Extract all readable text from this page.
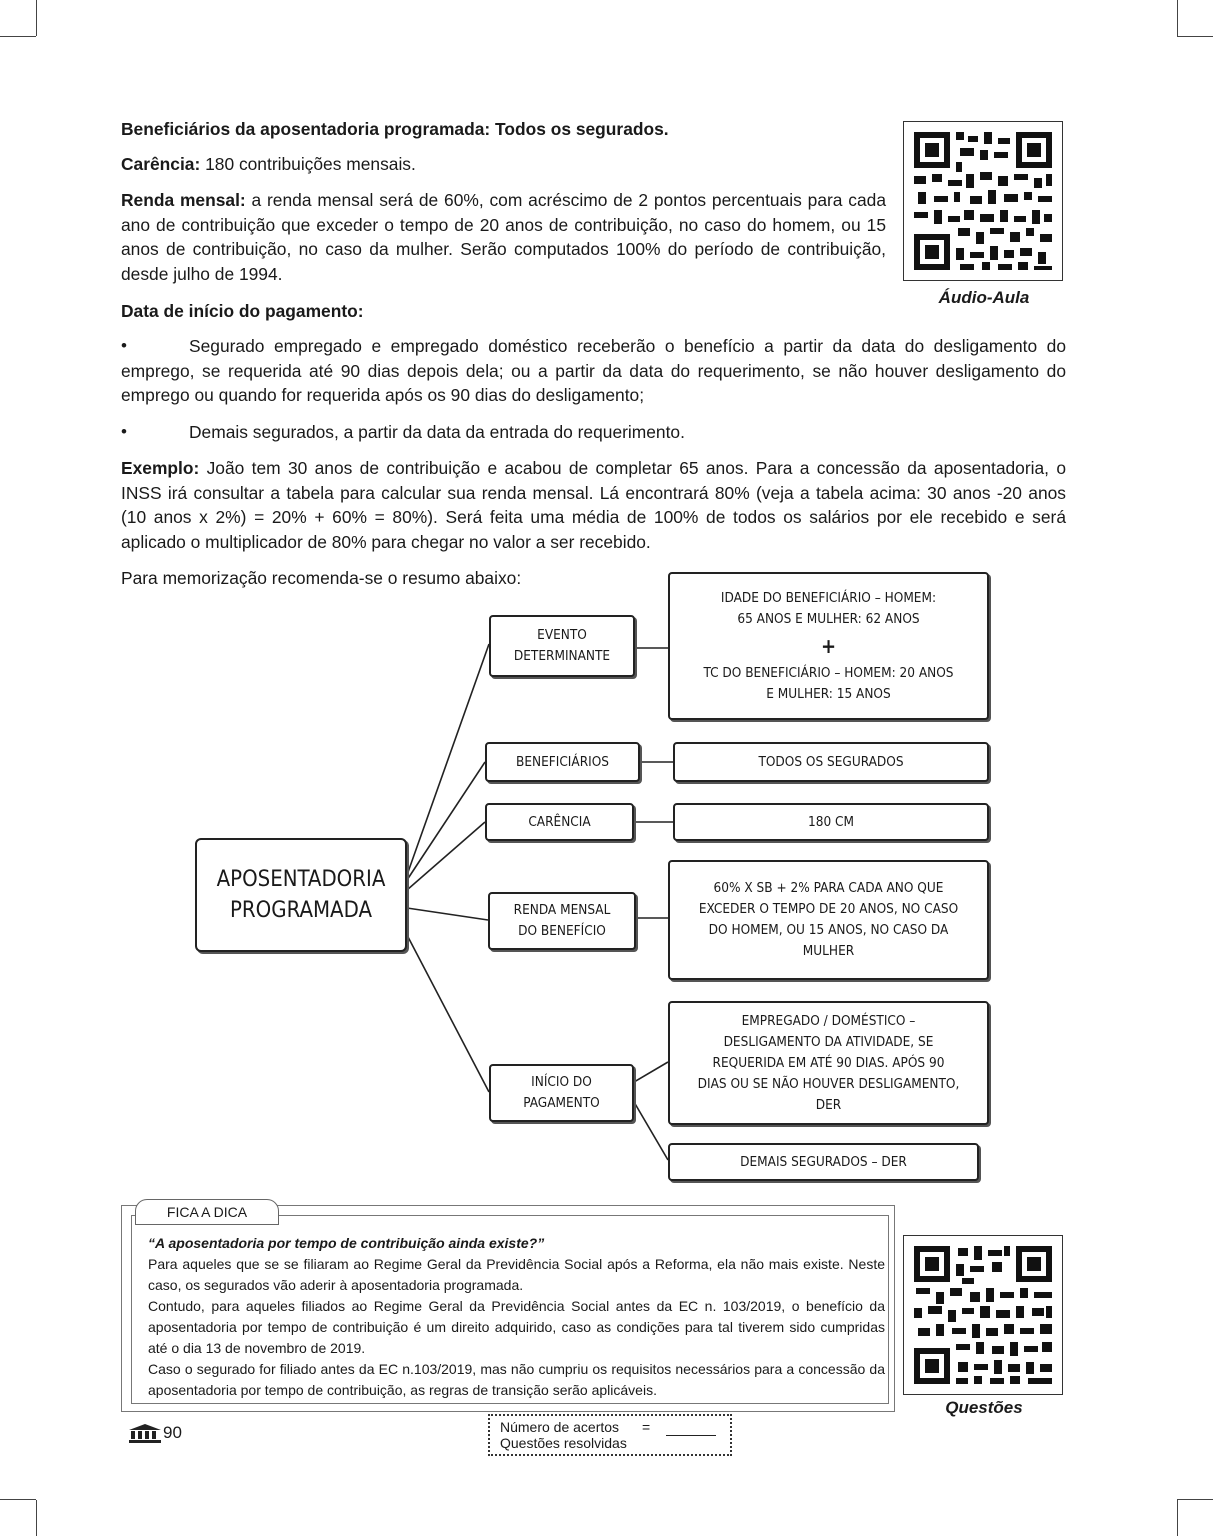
Beneficiários da aposentadoria programada: Todos os segurados.

Carência: 180 contribuições mensais.

Renda mensal: a renda mensal será de 60%, com acréscimo de 2 pontos percentuais para cada ano de contribuição que exceder o tempo de 20 anos de contribuição, no caso do homem, ou 15 anos de contribuição, no caso da mulher. Serão computados 100% do período de contribuição, desde julho de 1994.

Data de início do pagamento:

Áudio-Aula
•	Segurado empregado e empregado doméstico receberão o benefício a partir da data do desligamento do emprego, se requerida até 90 dias depois dela; ou a partir da data do requerimento, se não houver desligamento do emprego ou quando for requerida após os 90 dias do desligamento;

•	Demais segurados, a partir da data da entrada do requerimento.

Exemplo: João tem 30 anos de contribuição e acabou de completar 65 anos. Para a concessão da aposentadoria, o INSS irá consultar a tabela para calcular sua renda mensal. Lá encontrará 80% (veja a tabela acima: 30 anos -20 anos (10 anos x 2%) = 20% + 60% = 80%). Será feita uma média de 100% de todos os salários por ele recebido e será aplicado o multiplicador de 80% para chegar no valor a ser recebido.

Para memorização recomenda-se o resumo abaixo:

APOSENTADORIA
PROGRAMADA
EVENTO
DETERMINANTE
IDADE DO BENEFICIÁRIO – HOMEM:
65 ANOS E MULHER: 62 ANOS
+
TC DO BENEFICIÁRIO – HOMEM: 20 ANOS
E MULHER: 15 ANOS
BENEFICIÁRIOS	TODOS OS SEGURADOS
CARÊNCIA	180 CM
RENDA MENSAL
DO BENEFÍCIO
60% X SB + 2% PARA CADA ANO QUE
EXCEDER O TEMPO DE 20 ANOS, NO CASO
DO HOMEM, OU 15 ANOS, NO CASO DA
MULHER
INÍCIO DO
PAGAMENTO
EMPREGADO / DOMÉSTICO –
DESLIGAMENTO DA ATIVIDADE, SE
REQUERIDA EM ATÉ 90 DIAS. APÓS 90
DIAS OU SE NÃO HOUVER DESLIGAMENTO,
DER
DEMAIS SEGURADOS – DER
FICA A DICA
“A aposentadoria por tempo de contribuição ainda existe?”
Para aqueles que se se filiaram ao Regime Geral da Previdência Social após a Reforma, ela não mais existe. Neste caso, os segurados vão aderir à aposentadoria programada.
Contudo, para aqueles filiados ao Regime Geral da Previdência Social antes da EC n. 103/2019, o benefício da aposentadoria por tempo de contribuição é um direito adquirido, caso as condições para tal tiverem sido cumpridas até o dia 13 de novembro de 2019.
Caso o segurado for filiado antes da EC n.103/2019, mas não cumpriu os requisitos necessários para a concessão da aposentadoria por tempo de contribuição, as regras de transição serão aplicáveis.
Questões
90	Número de acertos =
Questões resolvidas
